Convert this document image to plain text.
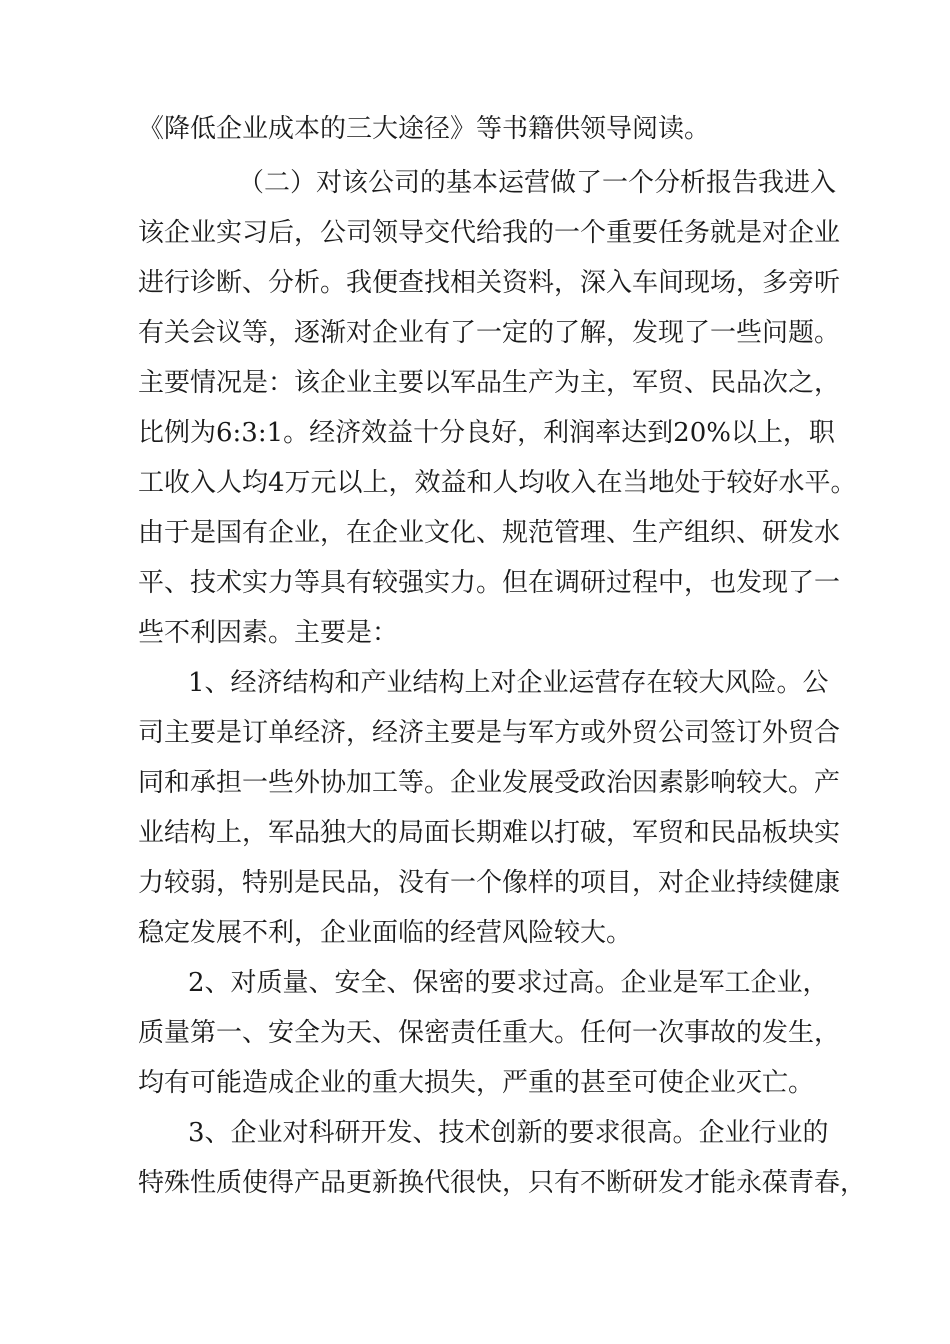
《降低企业成本的三大途径》等书籍供领导阅读。
（二）对该公司的基本运营做了一个分析报告我进入
该企业实习后，公司领导交代给我的一个重要任务就是对企业
进行诊断、分析。我便查找相关资料，深入车间现场，多旁听
有关会议等，逐渐对企业有了一定的了解，发现了一些问题。
主要情况是：该企业主要以军品生产为主，军贸、民品次之，
比例为6:3:1。经济效益十分良好，利润率达到20%以上，职
工收入人均4万元以上，效益和人均收入在当地处于较好水平。
由于是国有企业，在企业文化、规范管理、生产组织、研发水
平、技术实力等具有较强实力。但在调研过程中，也发现了一
些不利因素。主要是：
1、经济结构和产业结构上对企业运营存在较大风险。公
司主要是订单经济，经济主要是与军方或外贸公司签订外贸合
同和承担一些外协加工等。企业发展受政治因素影响较大。产
业结构上，军品独大的局面长期难以打破，军贸和民品板块实
力较弱，特别是民品，没有一个像样的项目，对企业持续健康
稳定发展不利，企业面临的经营风险较大。
2、对质量、安全、保密的要求过高。企业是军工企业，
质量第一、安全为天、保密责任重大。任何一次事故的发生，
均有可能造成企业的重大损失，严重的甚至可使企业灭亡。
3、企业对科研开发、技术创新的要求很高。企业行业的
特殊性质使得产品更新换代很快，只有不断研发才能永葆青春，
